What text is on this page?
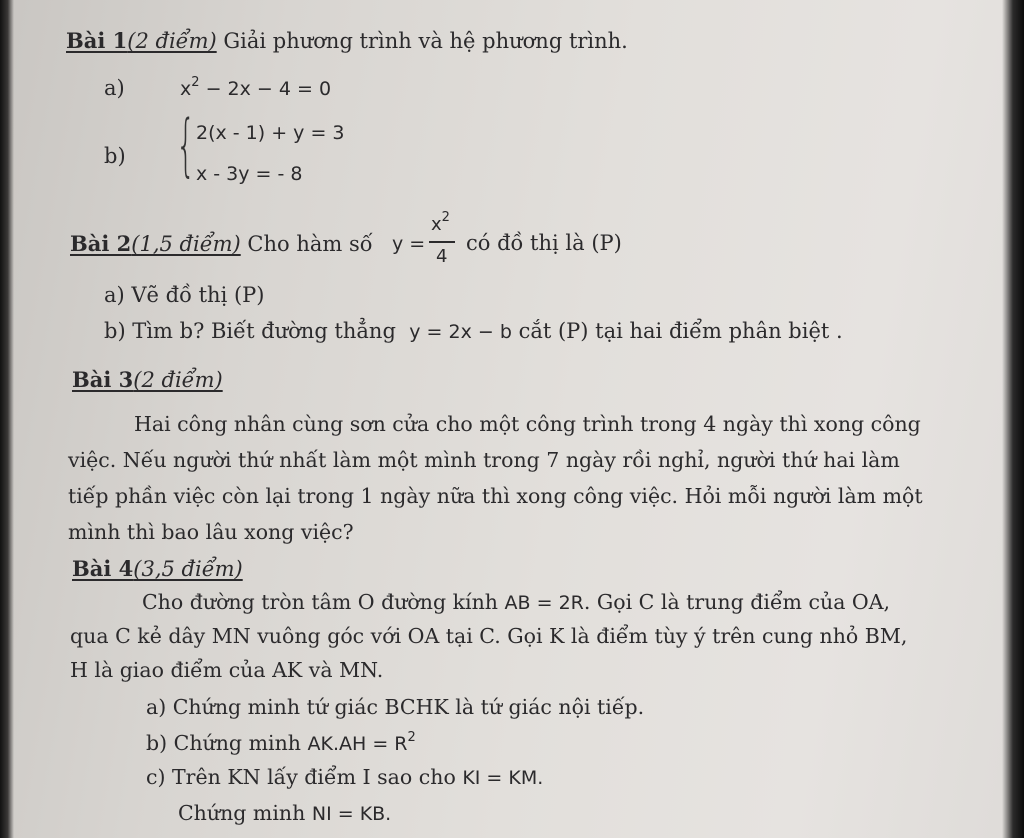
Bài 1(2 điểm) Giải phương trình và hệ phương trình.
a)	$x^2 - 2x - 4 = 0$
b) { 2(x - 1) + y = 3
x - 3y = - 8
Bài 2(1,5 điểm) Cho hàm số y =
$x^2$
4
có đồ thị là (P)
a) Vẽ đồ thị (P)
b) Tìm b? Biết đường thẳng y = 2x − b cắt (P) tại hai điểm phân biệt .
Bài 3(2 điểm)
Hai công nhân cùng sơn cửa cho một công trình trong 4 ngày thì xong công
việc. Nếu người thứ nhất làm một mình trong 7 ngày rồi nghỉ, người thứ hai làm
tiếp phần việc còn lại trong 1 ngày nữa thì xong công việc. Hỏi mỗi người làm một
mình thì bao lâu xong việc?
Bài 4(3,5 điểm)
Cho đường tròn tâm O đường kính AB = 2R. Gọi C là trung điểm của OA,
qua C kẻ dây MN vuông góc với OA tại C. Gọi K là điểm tùy ý trên cung nhỏ BM,
H là giao điểm của AK và MN.
a) Chứng minh tứ giác BCHK là tứ giác nội tiếp.
b) Chứng minh $AK.AH = R^2$
c) Trên KN lấy điểm I sao cho KI = KM.
Chứng minh NI = KB.
